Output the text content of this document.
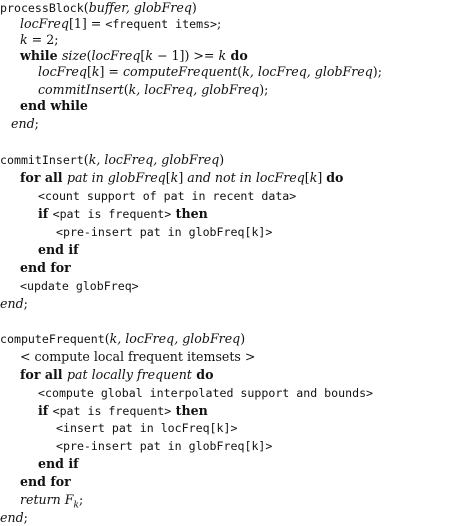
processBlock(buffer, globFreq)
locFreq[1] = <frequent items>;
k = 2;
while size(locFreq[k − 1]) >= k do
locFreq[k] = computeFrequent(k, locFreq, globFreq);
commitInsert(k, locFreq, globFreq);
end while
end;
commitInsert(k, locFreq, globFreq)
for all pat in globFreq[k] and not in locFreq[k] do
<count support of pat in recent data>
if <pat is frequent> then
<pre-insert pat in globFreq[k]>
end if
end for
<update globFreq>
end;
computeFrequent(k, locFreq, globFreq)
< compute local frequent itemsets >
for all pat locally frequent do
<compute global interpolated support and bounds>
if <pat is frequent> then
<insert pat in locFreq[k]>
<pre-insert pat in globFreq[k]>
end if
end for
return $F_k$;
end;
